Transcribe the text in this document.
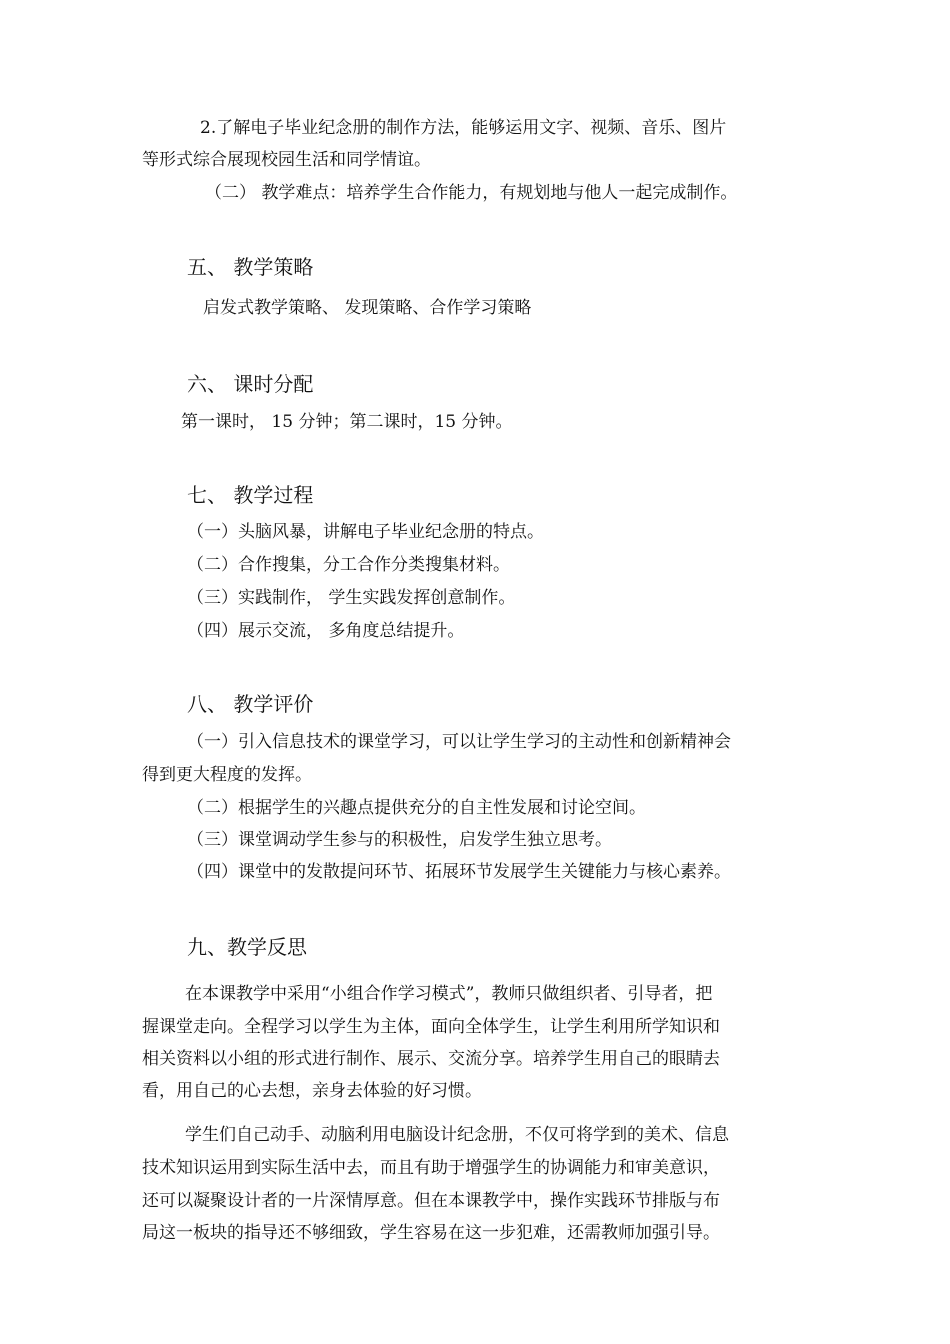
2.了解电子毕业纪念册的制作方法，能够运用文字、视频、音乐、图片
等形式综合展现校园生活和同学情谊。
（二） 教学难点：培养学生合作能力，有规划地与他人一起完成制作。
五、 教学策略
启发式教学策略、 发现策略、合作学习策略
六、 课时分配
第一课时， 15 分钟；第二课时，15 分钟。
七、 教学过程
（一）头脑风暴，讲解电子毕业纪念册的特点。
（二）合作搜集，分工合作分类搜集材料。
（三）实践制作， 学生实践发挥创意制作。
（四）展示交流， 多角度总结提升。
八、 教学评价
（一）引入信息技术的课堂学习，可以让学生学习的主动性和创新精神会
得到更大程度的发挥。
（二）根据学生的兴趣点提供充分的自主性发展和讨论空间。
（三）课堂调动学生参与的积极性，启发学生独立思考。
（四）课堂中的发散提问环节、拓展环节发展学生关键能力与核心素养。
九、教学反思
在本课教学中采用“小组合作学习模式”，教师只做组织者、引导者，把
握课堂走向。全程学习以学生为主体，面向全体学生，让学生利用所学知识和
相关资料以小组的形式进行制作、展示、交流分享。培养学生用自己的眼睛去
看，用自己的心去想，亲身去体验的好习惯。
学生们自己动手、动脑利用电脑设计纪念册，不仅可将学到的美术、信息
技术知识运用到实际生活中去，而且有助于增强学生的协调能力和审美意识，
还可以凝聚设计者的一片深情厚意。但在本课教学中，操作实践环节排版与布
局这一板块的指导还不够细致，学生容易在这一步犯难，还需教师加强引导。
